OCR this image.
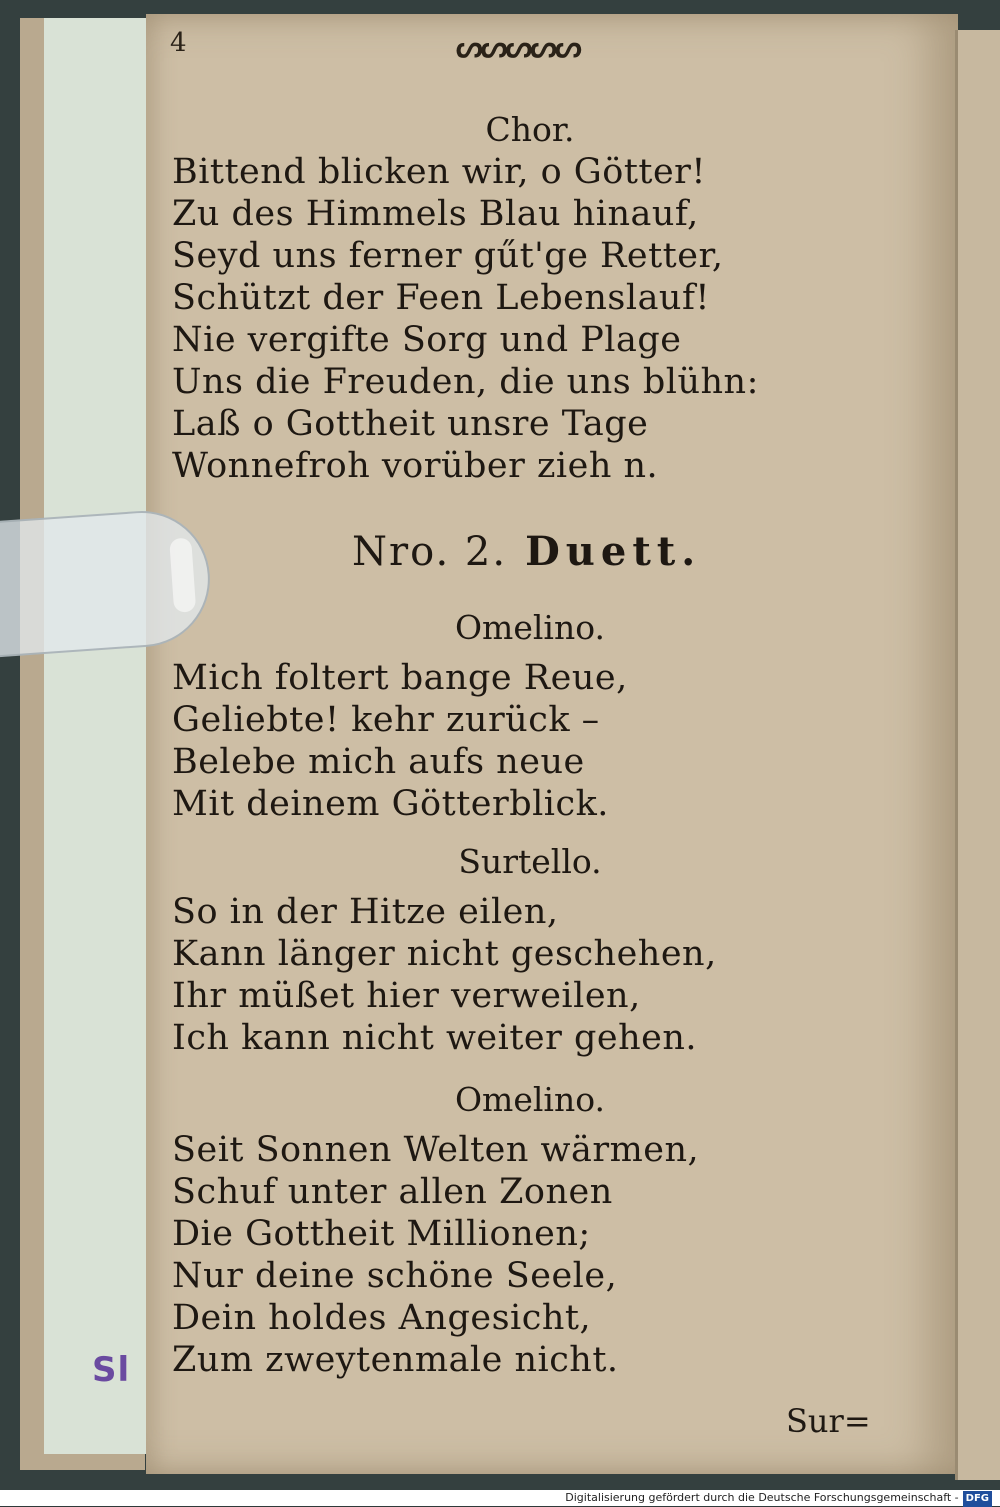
Sl
4	ᔕᔕᔕᔕᔕ
Chor.
Bittend blicken wir, o Götter!
Zu des Himmels Blau hinauf,
Seyd uns ferner gűt'ge Retter,
Schützt der Feen Lebenslauf!
Nie vergifte Sorg und Plage
Uns die Freuden, die uns blühn:
Laß o Gottheit unsre Tage
Wonnefroh vorüber zieh n.
Nro. 2. Duett.
Omelino.
Mich foltert bange Reue,
Geliebte! kehr zurück –
Belebe mich aufs neue
Mit deinem Götterblick.
Surtello.
So in der Hitze eilen,
Kann länger nicht geschehen,
Ihr müßet hier verweilen,
Ich kann nicht weiter gehen.
Omelino.
Seit Sonnen Welten wärmen,
Schuf unter allen Zonen
Die Gottheit Millionen;
Nur deine schöne Seele,
Dein holdes Angesicht,
Zum zweytenmale nicht.
Sur=
Digitalisierung gefördert durch die Deutsche Forschungsgemeinschaft - DFG
